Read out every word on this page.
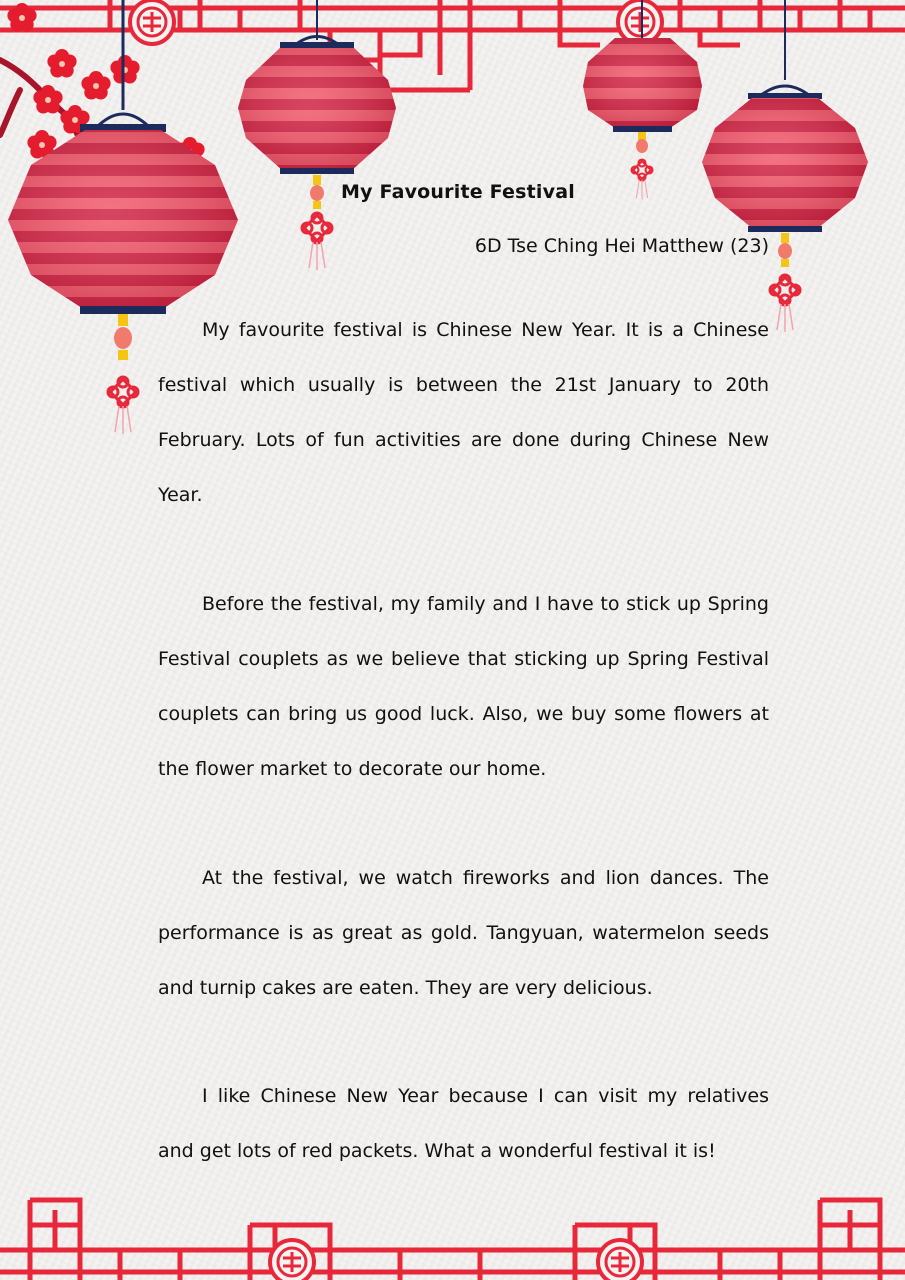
My Favourite Festival
6D Tse Ching Hei Matthew (23)

My favourite festival is Chinese New Year. It is a Chinese festival which usually is between the 21st January to 20th February. Lots of fun activities are done during Chinese New Year.

Before the festival, my family and I have to stick up Spring Festival couplets as we believe that sticking up Spring Festival couplets can bring us good luck. Also, we buy some flowers at the flower market to decorate our home.

At the festival, we watch fireworks and lion dances. The performance is as great as gold. Tangyuan, watermelon seeds and turnip cakes are eaten. They are very delicious.

I like Chinese New Year because I can visit my relatives and get lots of red packets. What a wonderful festival it is!
